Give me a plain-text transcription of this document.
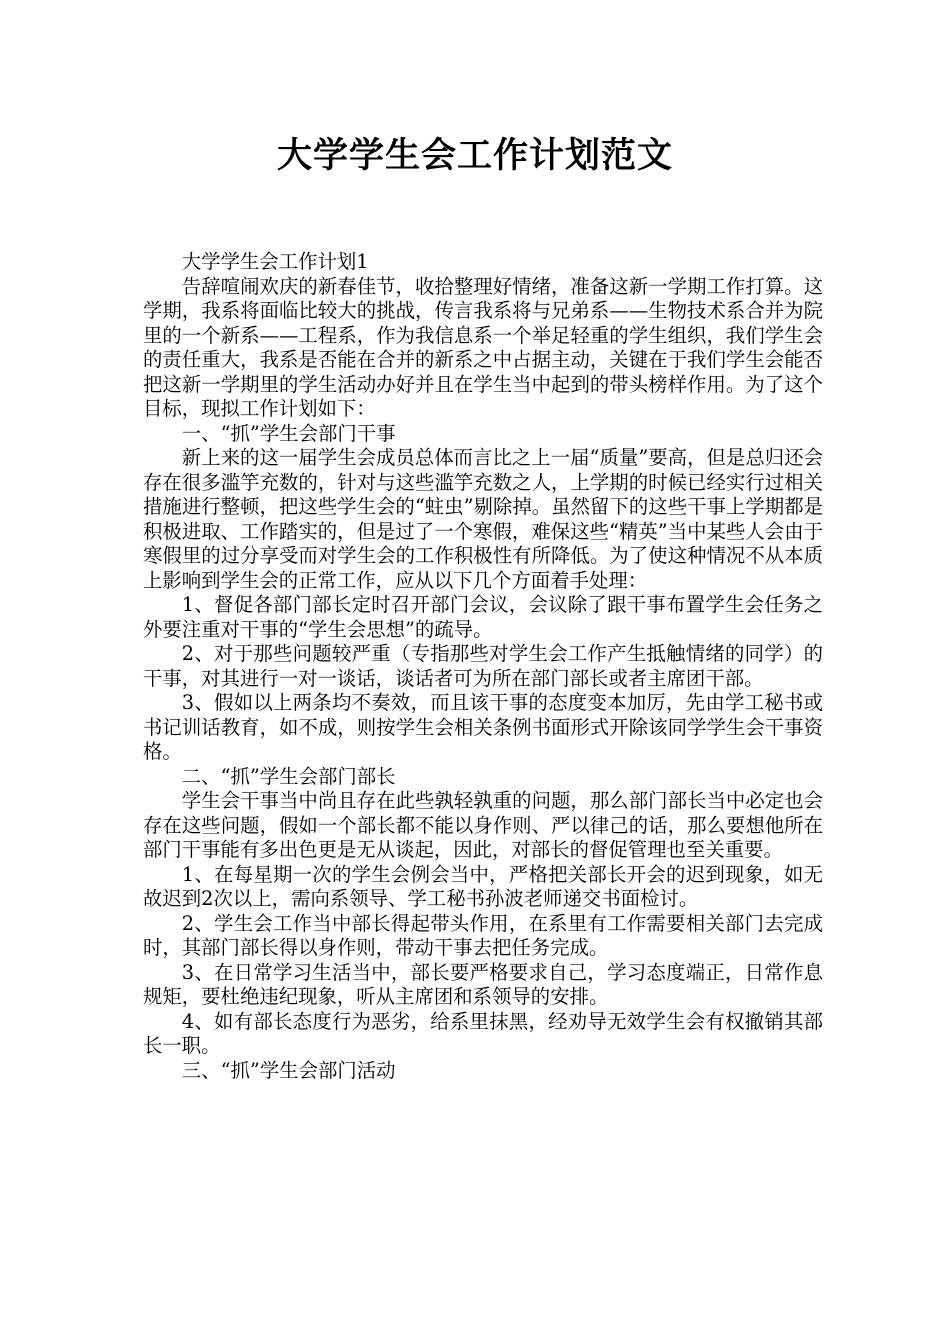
大学学生会工作计划范文

大学学生会工作计划1

告辞喧闹欢庆的新春佳节，收拾整理好情绪，准备这新一学期工作打算。这学期，我系将面临比较大的挑战，传言我系将与兄弟系——生物技术系合并为院里的一个新系——工程系，作为我信息系一个举足轻重的学生组织，我们学生会的责任重大，我系是否能在合并的新系之中占据主动，关键在于我们学生会能否把这新一学期里的学生活动办好并且在学生当中起到的带头榜样作用。为了这个目标，现拟工作计划如下：

一、“抓”学生会部门干事

新上来的这一届学生会成员总体而言比之上一届“质量”要高，但是总归还会存在很多滥竽充数的，针对与这些滥竽充数之人，上学期的时候已经实行过相关措施进行整顿，把这些学生会的“蛀虫”剔除掉。虽然留下的这些干事上学期都是积极进取、工作踏实的，但是过了一个寒假，难保这些“精英”当中某些人会由于寒假里的过分享受而对学生会的工作积极性有所降低。为了使这种情况不从本质上影响到学生会的正常工作，应从以下几个方面着手处理：

1、督促各部门部长定时召开部门会议，会议除了跟干事布置学生会任务之外要注重对干事的“学生会思想”的疏导。

2、对于那些问题较严重（专指那些对学生会工作产生抵触情绪的同学）的干事，对其进行一对一谈话，谈话者可为所在部门部长或者主席团干部。

3、假如以上两条均不奏效，而且该干事的态度变本加厉，先由学工秘书或书记训话教育，如不成，则按学生会相关条例书面形式开除该同学学生会干事资格。

二、“抓”学生会部门部长

学生会干事当中尚且存在此些孰轻孰重的问题，那么部门部长当中必定也会存在这些问题，假如一个部长都不能以身作则、严以律己的话，那么要想他所在部门干事能有多出色更是无从谈起，因此，对部长的督促管理也至关重要。

1、在每星期一次的学生会例会当中，严格把关部长开会的迟到现象，如无故迟到2次以上，需向系领导、学工秘书孙波老师递交书面检讨。

2、学生会工作当中部长得起带头作用，在系里有工作需要相关部门去完成时，其部门部长得以身作则，带动干事去把任务完成。

3、在日常学习生活当中，部长要严格要求自己，学习态度端正，日常作息规矩，要杜绝违纪现象，听从主席团和系领导的安排。

4、如有部长态度行为恶劣，给系里抹黑，经劝导无效学生会有权撤销其部长一职。

三、“抓”学生会部门活动
